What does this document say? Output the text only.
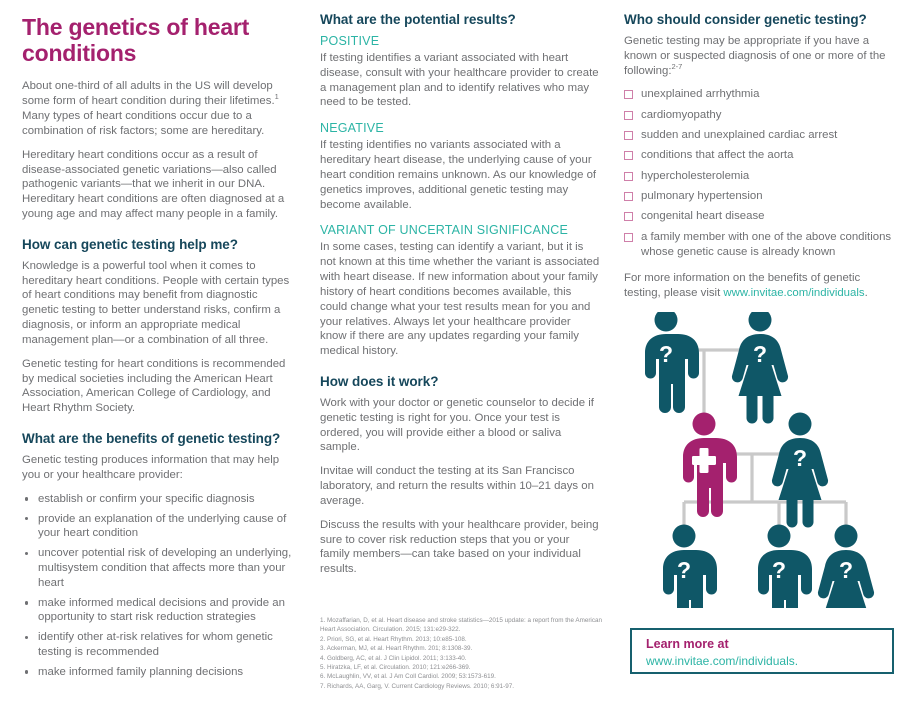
The genetics of heart conditions

About one-third of all adults in the US will develop some form of heart condition during their lifetimes.$^1$ Many types of heart conditions occur due to a combination of risk factors; some are hereditary.

Hereditary heart conditions occur as a result of disease-associated genetic variations—also called pathogenic variants—that we inherit in our DNA. Hereditary heart conditions are often diagnosed at a young age and may affect many people in a family.

How can genetic testing help me?

Knowledge is a powerful tool when it comes to hereditary heart conditions. People with certain types of heart conditions may benefit from diagnostic genetic testing to better understand risks, confirm a diagnosis, or inform an appropriate medical management plan—or a combination of all three.

Genetic testing for heart conditions is recommended by medical societies including the American Heart Association, American College of Cardiology, and Heart Rhythm Society.

What are the benefits of genetic testing?

Genetic testing produces information that may help you or your healthcare provider:

establish or confirm your specific diagnosis
provide an explanation of the underlying cause of your heart condition
uncover potential risk of developing an underlying, multisystem condition that affects more than your heart
make informed medical decisions and provide an opportunity to start risk reduction strategies
identify other at-risk relatives for whom genetic testing is recommended
make informed family planning decisions
What are the potential results?
POSITIVE

If testing identifies a variant associated with heart disease, consult with your healthcare provider to create a management plan and to identify relatives who may need to be tested.

NEGATIVE

If testing identifies no variants associated with a hereditary heart disease, the underlying cause of your heart condition remains unknown. As our knowledge of genetics improves, additional genetic testing may become available.

VARIANT OF UNCERTAIN SIGNIFICANCE

In some cases, testing can identify a variant, but it is not known at this time whether the variant is associated with heart disease. If new information about your family history of heart conditions becomes available, this could change what your test results mean for you and your relatives. Always let your healthcare provider know if there are any updates regarding your family medical history.

How does it work?

Work with your doctor or genetic counselor to decide if genetic testing is right for you. Once your test is ordered, you will provide either a blood or saliva sample.

Invitae will conduct the testing at its San Francisco laboratory, and return the results within 10–21 days on average.

Discuss the results with your healthcare provider, being sure to cover risk reduction steps that you or your family members—can take based on your individual results.

1. Mozaffarian, D, et al. Heart disease and stroke statistics—2015 update: a report from the American Heart Association. Circulation. 2015; 131:e29-322.
2. Priori, SG, et al. Heart Rhythm. 2013; 10:e85-108.
3. Ackerman, MJ, et al. Heart Rhythm. 201; 8:1308-39.
4. Goldberg, AC, et al. J Clin Lipidol. 2011; 3:133-40.
5. Hiratzka, LF, et al. Circulation. 2010; 121:e266-369.
6. McLaughlin, VV, et al. J Am Coll Cardiol. 2009; 53:1573-619.
7. Richards, AA, Garg, V. Current Cardiology Reviews. 2010; 6:91-97.
Who should consider genetic testing?

Genetic testing may be appropriate if you have a known or suspected diagnosis of one or more of the following:$^{2-7}$

unexplained arrhythmia
cardiomyopathy
sudden and unexplained cardiac arrest
conditions that affect the aorta
hypercholesterolemia
pulmonary hypertension
congenital heart disease
a family member with one of the above conditions whose genetic cause is already known

For more information on the benefits of genetic testing, please visit www.invitae.com/individuals.

?	?
?
?	? ?
Learn more at
www.invitae.com/individuals.
